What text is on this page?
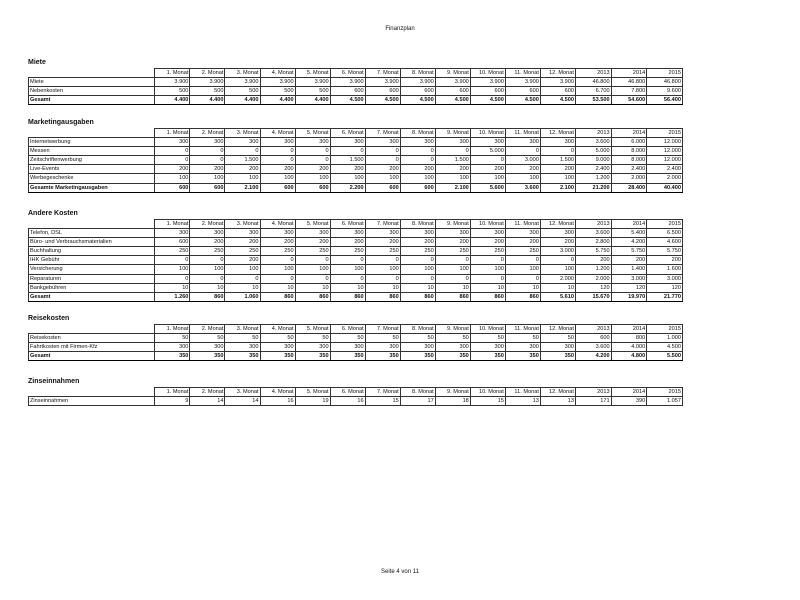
Finanzplan
Miete
	1. Monat	2. Monat	3. Monat	4. Monat	5. Monat	6. Monat	7. Monat	8. Monat	9. Monat	10. Monat	11. Monat	12. Monat	2013	2014	2015
Miete	3.900	3.900	3.900	3.900	3.900	3.900	3.900	3.900	3.900	3.900	3.900	3.900	46.800	46.800	46.800
Nebenkosten	500	500	500	500	500	600	600	600	600	600	600	600	6.700	7.800	9.600
Gesamt	4.400	4.400	4.400	4.400	4.400	4.500	4.500	4.500	4.500	4.500	4.500	4.500	53.500	54.600	56.400
Marketingausgaben
	1. Monat	2. Monat	3. Monat	4. Monat	5. Monat	6. Monat	7. Monat	8. Monat	9. Monat	10. Monat	11. Monat	12. Monat	2013	2014	2015
Internetwerbung	300	300	300	300	300	300	300	300	300	300	300	300	3.600	6.000	12.000
Messen	0	0	0	0	0	0	0	0	0	5.000	0	0	5.000	8.000	12.000
Zeitschriftenwerbung	0	0	1.500	0	0	1.500	0	0	1.500	0	3.000	1.500	9.000	8.000	12.000
Live-Events	200	200	200	200	200	200	200	200	200	200	200	200	2.400	2.400	2.400
Werbegeschenke	100	100	100	100	100	100	100	100	100	100	100	100	1.200	2.000	2.000
Gesamte Marketingausgaben	600	600	2.100	600	600	2.200	600	600	2.100	5.600	3.600	2.100	21.200	28.400	40.400
Andere Kosten
	1. Monat	2. Monat	3. Monat	4. Monat	5. Monat	6. Monat	7. Monat	8. Monat	9. Monat	10. Monat	11. Monat	12. Monat	2013	2014	2015
Telefon, DSL	300	300	300	300	300	300	300	300	300	300	300	300	3.600	5.400	6.500
Büro- und Verbrauchsmaterialien	600	200	200	200	200	200	200	200	200	200	200	200	2.800	4.200	4.600
Buchhaltung	250	250	250	250	250	250	250	250	250	250	250	3.000	5.750	5.750	5.750
IHK Gebühr	0	0	200	0	0	0	0	0	0	0	0	0	200	200	200
Versicherung	100	100	100	100	100	100	100	100	100	100	100	100	1.200	1.400	1.600
Reparaturen	0	0	0	0	0	0	0	0	0	0	0	2.000	2.000	3.000	3.000
Bankgebühren	10	10	10	10	10	10	10	10	10	10	10	10	120	120	120
Gesamt	1.260	860	1.060	860	860	860	860	860	860	860	860	5.610	15.670	19.970	21.770
Reisekosten
	1. Monat	2. Monat	3. Monat	4. Monat	5. Monat	6. Monat	7. Monat	8. Monat	9. Monat	10. Monat	11. Monat	12. Monat	2013	2014	2015
Reisekosten	50	50	50	50	50	50	50	50	50	50	50	50	600	800	1.000
Fahrtkosten mit Firmen-Kfz	300	300	300	300	300	300	300	300	300	300	300	300	3.600	4.000	4.500
Gesamt	350	350	350	350	350	350	350	350	350	350	350	350	4.200	4.800	5.500
Zinseinnahmen
	1. Monat	2. Monat	3. Monat	4. Monat	5. Monat	6. Monat	7. Monat	8. Monat	9. Monat	10. Monat	11. Monat	12. Monat	2013	2014	2015
Zinseinnahmen	9	14	14	16	19	16	15	17	18	15	13	13	171	390	1.057
Seite 4 von 11
